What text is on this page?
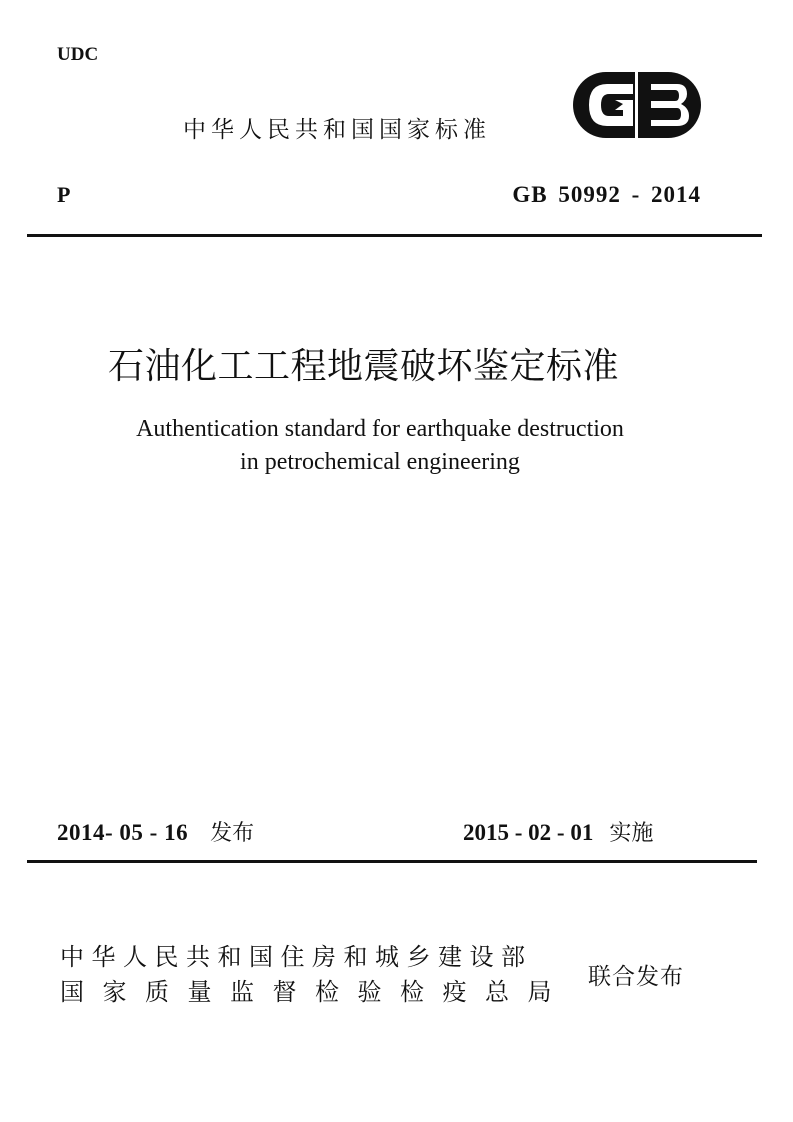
UDC
中华人民共和国国家标准
P	GB 50992 - 2014
石油化工工程地震破坏鉴定标准
Authentication standard for earthquake destruction
in petrochemical engineering
2014- 05 - 16 发布	2015 - 02 - 01 实施
中华人民共和国住房和城乡建设部
国家质量监督检验检疫总局
联合发布
